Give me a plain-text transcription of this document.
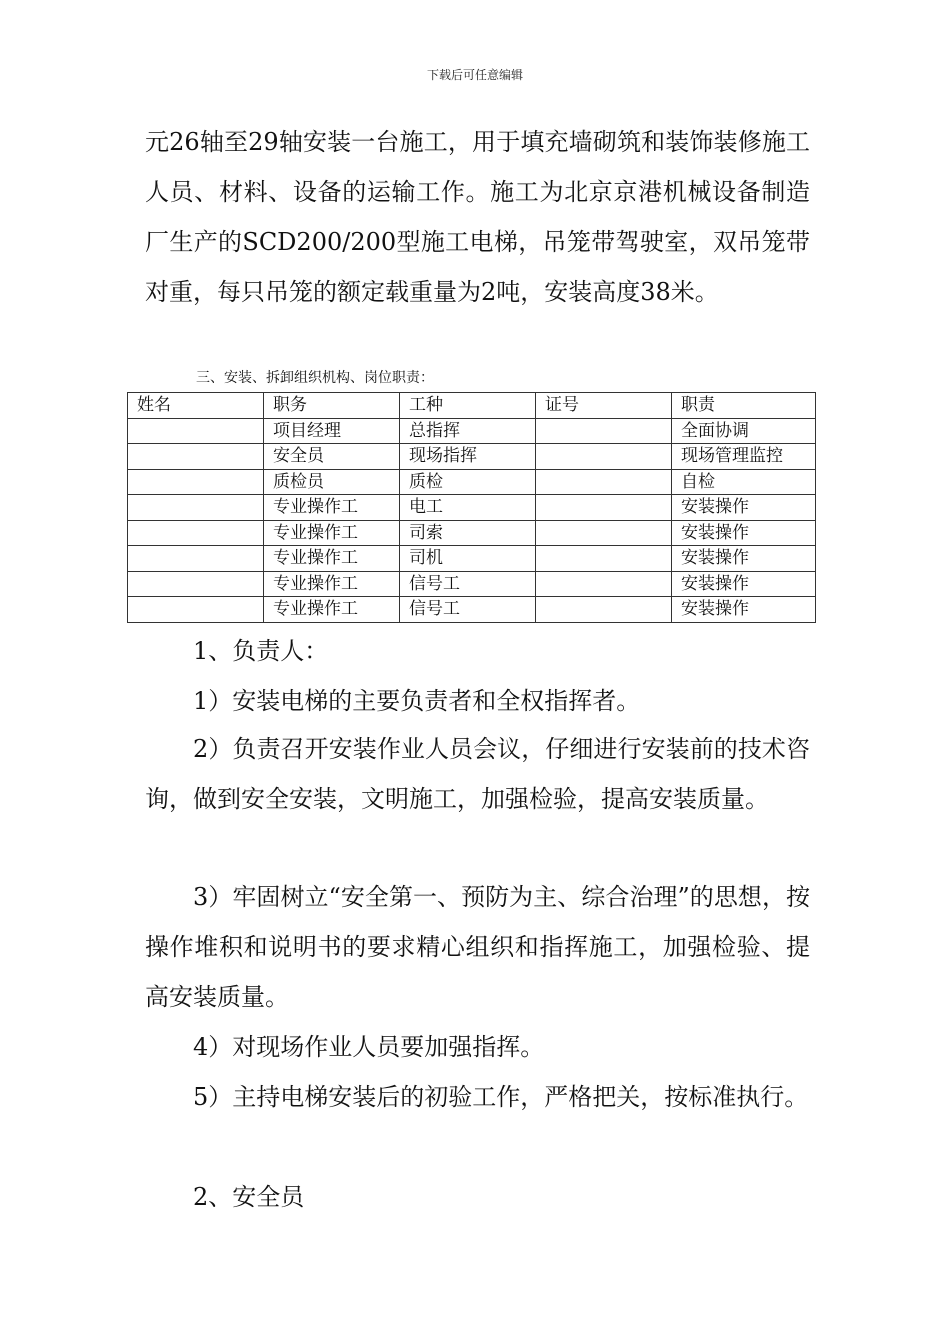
下载后可任意编辑

元26轴至29轴安装一台施工，用于填充墙砌筑和装饰装修施工人员、材料、设备的运输工作。施工为北京京港机械设备制造厂生产的SCD200/200型施工电梯，吊笼带驾驶室，双吊笼带对重，每只吊笼的额定载重量为2吨，安装高度38米。

三、安装、拆卸组织机构、岗位职责：
姓名	职务	工种	证号	职责
	项目经理	总指挥		全面协调
	安全员	现场指挥		现场管理监控
	质检员	质检		自检
	专业操作工	电工		安装操作
	专业操作工	司索		安装操作
	专业操作工	司机		安装操作
	专业操作工	信号工		安装操作
	专业操作工	信号工		安装操作

1、负责人：

1）安装电梯的主要负责者和全权指挥者。

2）负责召开安装作业人员会议，仔细进行安装前的技术咨询，做到安全安装，文明施工，加强检验，提高安装质量。

3）牢固树立“安全第一、预防为主、综合治理”的思想，按操作堆积和说明书的要求精心组织和指挥施工，加强检验、提高安装质量。

4）对现场作业人员要加强指挥。

5）主持电梯安装后的初验工作，严格把关，按标准执行。

2、安全员
